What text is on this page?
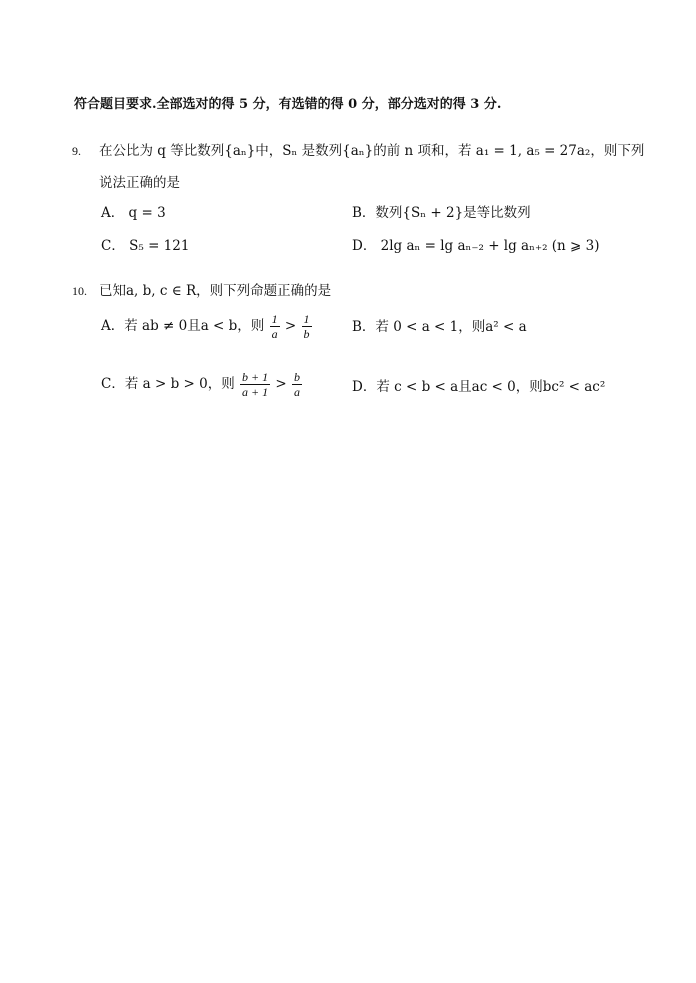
符合题目要求.全部选对的得 5 分，有选错的得 0 分，部分选对的得 3 分.
9. 在公比为 q 等比数列{aₙ}中，Sₙ 是数列{aₙ}的前 n 项和，若 a₁ = 1, a₅ = 27a₂，则下列
说法正确的是
A． q = 3	B．数列{Sₙ + 2}是等比数列
C． S₅ = 121	D． 2lg aₙ = lg aₙ₋₂ + lg aₙ₊₂ (n ⩾ 3)
10. 已知a, b, c ∈ R，则下列命题正确的是
A．若 ab ≠ 0且a < b，则 $\frac{1}{a} > \frac{1}{b}$	B．若 0 < a < 1，则a² < a
C．若 a > b > 0，则 $\frac{b + 1}{a + 1} > \frac{b}{a}$	D．若 c < b < a且ac < 0，则bc² < ac²
